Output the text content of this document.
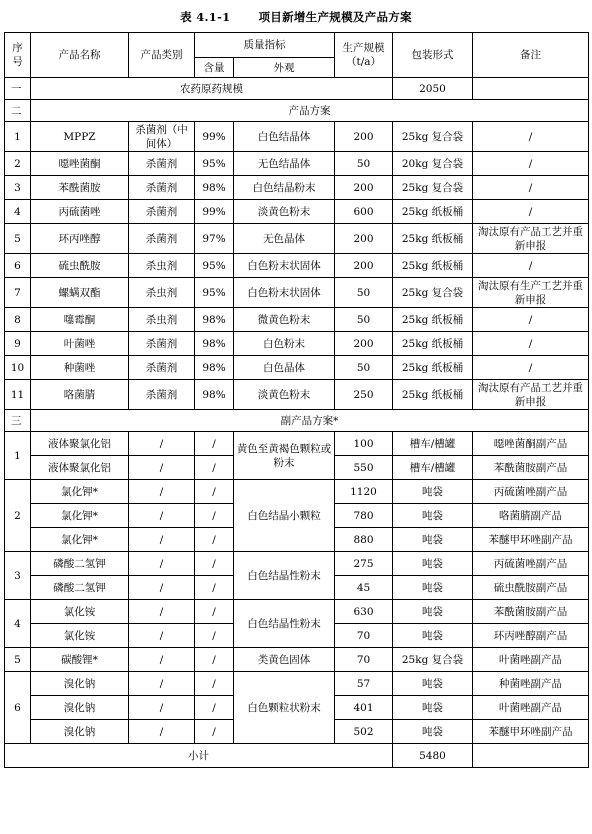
表 4.1-1 项目新增生产规模及产品方案
序号	产品名称	产品类别	质量指标		生产规模（t/a）	包装形式	备注	
			含量	外观				
一	农药原药规模					2050		
二	产品方案							
1	MPPZ	杀菌剂（中间体）	99%	白色结晶体	200	25kg 复合袋	/	
2	噁唑菌酮	杀菌剂	95%	无色结晶体	50	20kg 复合袋	/	
3	苯酰菌胺	杀菌剂	98%	白色结晶粉末	200	25kg 复合袋	/	
4	丙硫菌唑	杀菌剂	99%	淡黄色粉末	600	25kg 纸板桶	/	
5	环丙唑醇	杀菌剂	97%	无色晶体	200	25kg 纸板桶	淘汰原有产品工艺并重新申报	
6	硫虫酰胺	杀虫剂	95%	白色粉末状固体	200	25kg 纸板桶	/	
7	螺螨双酯	杀虫剂	95%	白色粉末状固体	50	25kg 复合袋	淘汰原有生产工艺并重新申报	
8	噻霉酮	杀虫剂	98%	微黄色粉末	50	25kg 纸板桶	/	
9	叶菌唑	杀菌剂	98%	白色粉末	200	25kg 纸板桶	/	
10	种菌唑	杀菌剂	98%	白色晶体	50	25kg 纸板桶	/	
11	咯菌腈	杀菌剂	98%	淡黄色粉末	250	25kg 纸板桶	淘汰原有产品工艺并重新申报	
三	副产品方案*							
1	液体聚氯化铝	/	/	黄色至黄褐色颗粒或粉末	100	槽车/槽罐	噁唑菌酮副产品	
	液体聚氯化铝	/	/		550	槽车/槽罐	苯酰菌胺副产品	
2	氯化钾*	/	/	白色结晶小颗粒	1120	吨袋	丙硫菌唑副产品	
	氯化钾*	/	/		780	吨袋	咯菌腈副产品	
	氯化钾*	/	/		880	吨袋	苯醚甲环唑副产品	
3	磷酸二氢钾	/	/	白色结晶性粉末	275	吨袋	丙硫菌唑副产品	
	磷酸二氢钾	/	/		45	吨袋	硫虫酰胺副产品	
4	氯化铵	/	/	白色结晶性粉末	630	吨袋	苯酰菌胺副产品	
	氯化铵	/	/		70	吨袋	环丙唑醇副产品	
5	碳酸锂*	/	/	类黄色固体	70	25kg 复合袋	叶菌唑副产品	
6	溴化钠	/	/	白色颗粒状粉末	57	吨袋	种菌唑副产品	
	溴化钠	/	/		401	吨袋	叶菌唑副产品	
	溴化钠	/	/		502	吨袋	苯醚甲环唑副产品	
小计						5480		
